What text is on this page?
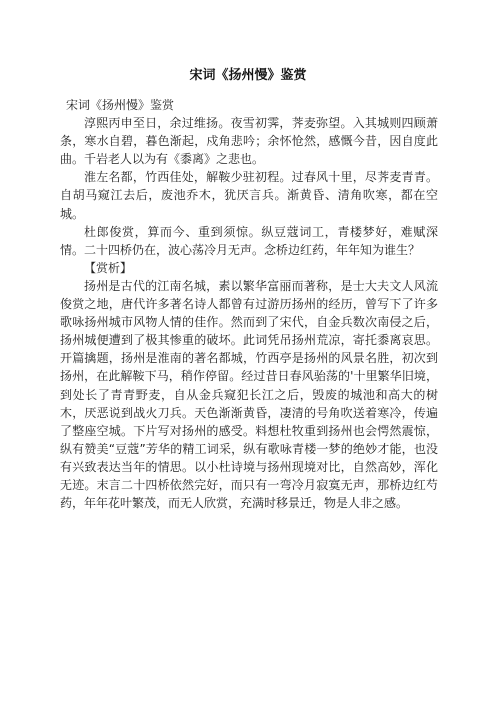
宋词《扬州慢》鉴赏

宋词《扬州慢》鉴赏

淳熙丙申至日，余过维扬。夜雪初霁，荠麦弥望。入其城则四顾萧条，寒水自碧，暮色渐起，戍角悲吟；余怀怆然，感慨今昔，因自度此曲。千岩老人以为有《黍离》之悲也。

淮左名都，竹西佳处，解鞍少驻初程。过春风十里，尽荠麦青青。自胡马窥江去后，废池乔木，犹厌言兵。渐黄昏、清角吹寒，都在空城。

杜郎俊赏，算而今、重到须惊。纵豆蔻词工，青楼梦好，难赋深情。二十四桥仍在，波心荡冷月无声。念桥边红药，年年知为谁生？

【赏析】

扬州是古代的江南名城，素以繁华富丽而著称，是士大夫文人风流俊赏之地，唐代许多著名诗人都曾有过游历扬州的经历，曾写下了许多歌咏扬州城市风物人情的佳作。然而到了宋代，自金兵数次南侵之后，扬州城便遭到了极其惨重的破坏。此词凭吊扬州荒凉，寄托黍离哀思。开篇擒题，扬州是淮南的著名都城，竹西亭是扬州的风景名胜，初次到扬州，在此解鞍下马，稍作停留。经过昔日春风骀荡的'十里繁华旧境，到处长了青青野麦，自从金兵窥犯长江之后，毁废的城池和高大的树木，厌恶说到战火刀兵。天色渐渐黄昏，凄清的号角吹送着寒冷，传遍了整座空城。下片写对扬州的感受。料想杜牧重到扬州也会愕然震惊，纵有赞美“豆蔻”芳华的精工词采，纵有歌咏青楼一梦的绝妙才能，也没有兴致表达当年的情思。以小杜诗境与扬州现境对比，自然高妙，浑化无迹。末言二十四桥依然完好，而只有一弯冷月寂寞无声，那桥边红芍药，年年花叶繁茂，而无人欣赏，充满时移景迁，物是人非之感。
